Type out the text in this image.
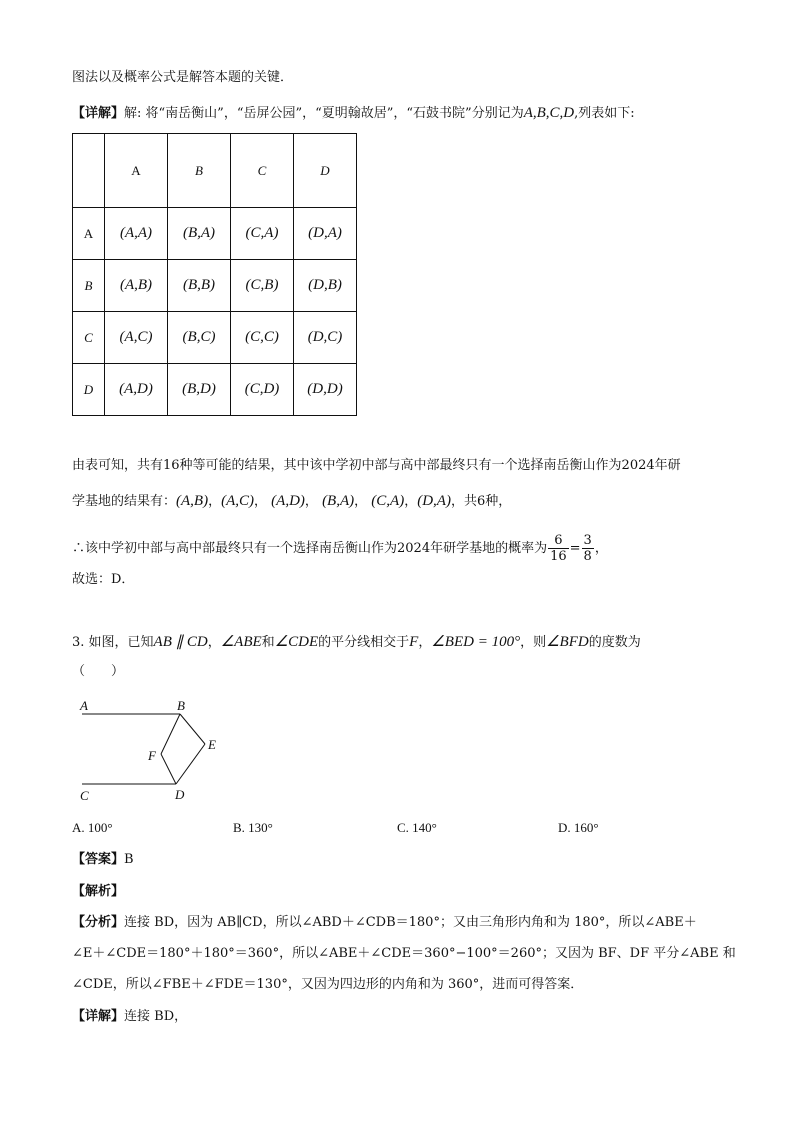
图法以及概率公式是解答本题的关键．
【详解】解: 将“南岳衡山”，“岳屏公园”，“夏明翰故居”，“石鼓书院”分别记为A,B,C,D,列表如下:
	A	B	C	D
A	(A,A)	(B,A)	(C,A)	(D,A)
B	(A,B)	(B,B)	(C,B)	(D,B)
C	(A,C)	(B,C)	(C,C)	(D,C)
D	(A,D)	(B,D)	(C,D)	(D,D)
由表可知，共有16种等可能的结果，其中该中学初中部与高中部最终只有一个选择南岳衡山作为2024年研
学基地的结果有：(A,B)，(A,C)， (A,D)， (B,A)， (C,A)，(D,A)，共6种，
∴该中学初中部与高中部最终只有一个选择南岳衡山作为2024年研学基地的概率为 $\frac{6}{16} = \frac{3}{8}$ ，
故选：D．
3. 如图，已知AB ∥ CD，∠ABE和∠CDE的平分线相交于F，∠BED = 100°，则∠BFD的度数为
（　　）
A	B
C	D
E
F
A. 100°	B. 130°	C. 140°	D. 160°
【答案】B
【解析】
【分析】连接 BD，因为 AB∥CD，所以∠ABD＋∠CDB＝180°；又由三角形内角和为 180°，所以∠ABE＋
∠E＋∠CDE＝180°＋180°＝360°，所以∠ABE＋∠CDE＝360°−100°＝260°；又因为 BF、DF 平分∠ABE 和
∠CDE，所以∠FBE＋∠FDE＝130°，又因为四边形的内角和为 360°，进而可得答案．
【详解】连接 BD，
